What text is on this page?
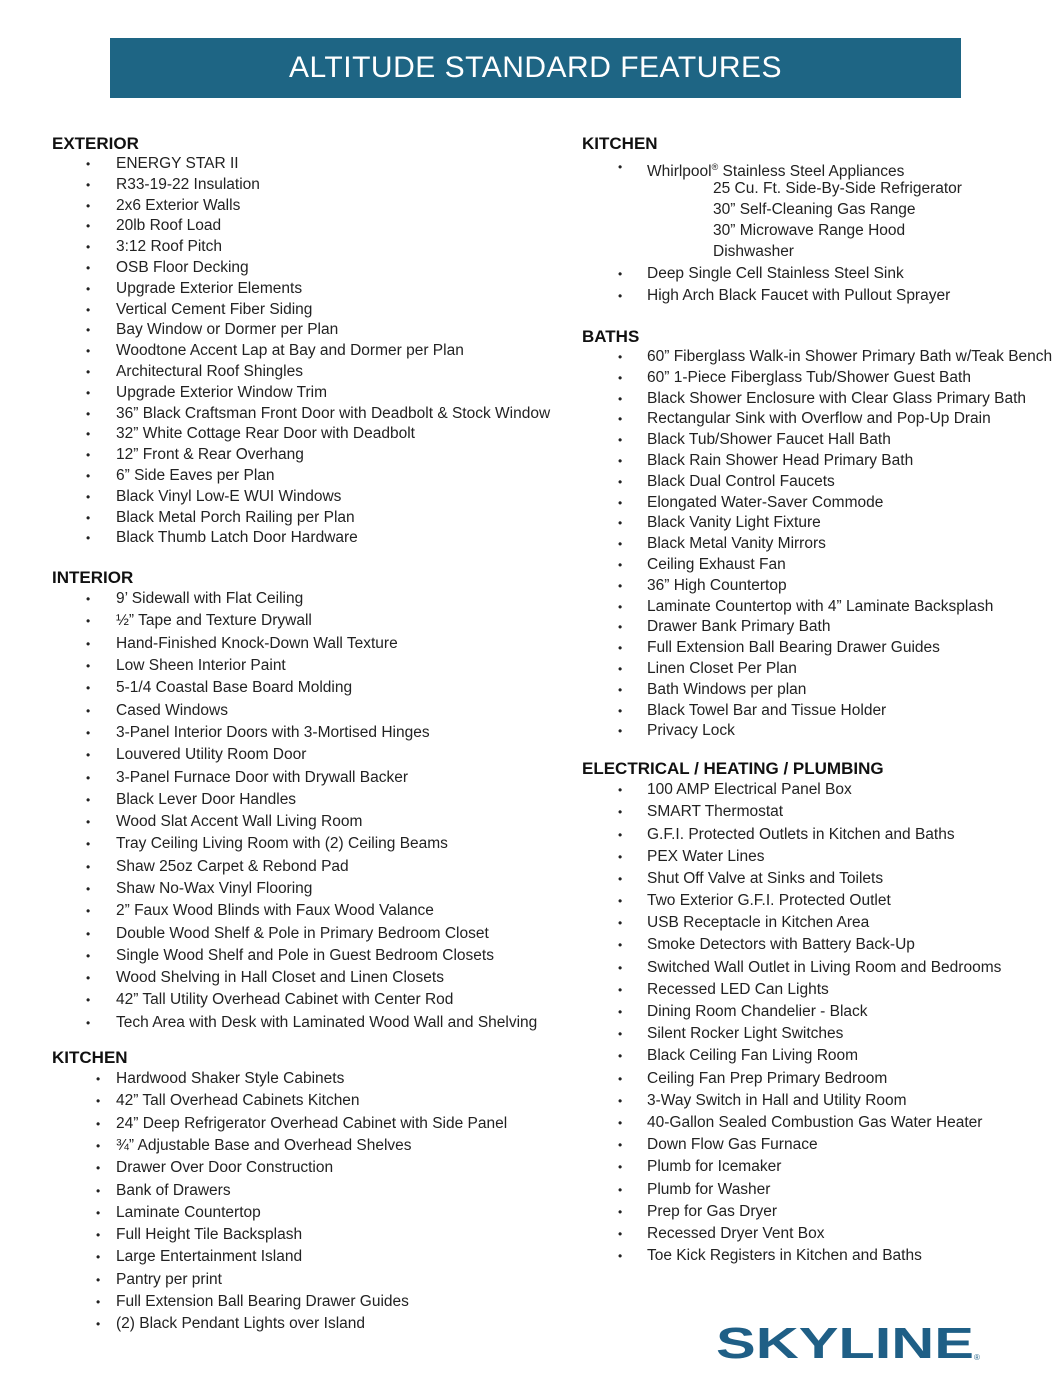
ALTITUDE STANDARD FEATURES
EXTERIOR
• ENERGY STAR II
• R33-19-22 Insulation
• 2x6 Exterior Walls
• 20lb Roof Load
• 3:12 Roof Pitch
• OSB Floor Decking
• Upgrade Exterior Elements
• Vertical Cement Fiber Siding
• Bay Window or Dormer per Plan
• Woodtone Accent Lap at Bay and Dormer per Plan
• Architectural Roof Shingles
• Upgrade Exterior Window Trim
• 36” Black Craftsman Front Door with Deadbolt & Stock Window
• 32” White Cottage Rear Door with Deadbolt
• 12” Front & Rear Overhang
• 6” Side Eaves per Plan
• Black Vinyl Low-E WUI Windows
• Black Metal Porch Railing per Plan
• Black Thumb Latch Door Hardware
INTERIOR
• 9’ Sidewall with Flat Ceiling
• ½” Tape and Texture Drywall
• Hand-Finished Knock-Down Wall Texture
• Low Sheen Interior Paint
• 5-1/4 Coastal Base Board Molding
• Cased Windows
• 3-Panel Interior Doors with 3-Mortised Hinges
• Louvered Utility Room Door
• 3-Panel Furnace Door with Drywall Backer
• Black Lever Door Handles
• Wood Slat Accent Wall Living Room
• Tray Ceiling Living Room with (2) Ceiling Beams
• Shaw 25oz Carpet & Rebond Pad
• Shaw No-Wax Vinyl Flooring
• 2” Faux Wood Blinds with Faux Wood Valance
• Double Wood Shelf & Pole in Primary Bedroom Closet
• Single Wood Shelf and Pole in Guest Bedroom Closets
• Wood Shelving in Hall Closet and Linen Closets
• 42” Tall Utility Overhead Cabinet with Center Rod
• Tech Area with Desk with Laminated Wood Wall and Shelving
KITCHEN
• Hardwood Shaker Style Cabinets
• 42” Tall Overhead Cabinets Kitchen
• 24” Deep Refrigerator Overhead Cabinet with Side Panel
• ¾” Adjustable Base and Overhead Shelves
• Drawer Over Door Construction
• Bank of Drawers
• Laminate Countertop
• Full Height Tile Backsplash
• Large Entertainment Island
• Pantry per print
• Full Extension Ball Bearing Drawer Guides
• (2) Black Pendant Lights over Island
KITCHEN
• Whirlpool® Stainless Steel Appliances
25 Cu. Ft. Side-By-Side Refrigerator
30” Self-Cleaning Gas Range
30” Microwave Range Hood
Dishwasher
• Deep Single Cell Stainless Steel Sink
• High Arch Black Faucet with Pullout Sprayer
BATHS
• 60” Fiberglass Walk-in Shower Primary Bath w/Teak Bench
• 60” 1-Piece Fiberglass Tub/Shower Guest Bath
• Black Shower Enclosure with Clear Glass Primary Bath
• Rectangular Sink with Overflow and Pop-Up Drain
• Black Tub/Shower Faucet Hall Bath
• Black Rain Shower Head Primary Bath
• Black Dual Control Faucets
• Elongated Water-Saver Commode
• Black Vanity Light Fixture
• Black Metal Vanity Mirrors
• Ceiling Exhaust Fan
• 36” High Countertop
• Laminate Countertop with 4” Laminate Backsplash
• Drawer Bank Primary Bath
• Full Extension Ball Bearing Drawer Guides
• Linen Closet Per Plan
• Bath Windows per plan
• Black Towel Bar and Tissue Holder
• Privacy Lock
ELECTRICAL / HEATING / PLUMBING
• 100 AMP Electrical Panel Box
• SMART Thermostat
• G.F.I. Protected Outlets in Kitchen and Baths
• PEX Water Lines
• Shut Off Valve at Sinks and Toilets
• Two Exterior G.F.I. Protected Outlet
• USB Receptacle in Kitchen Area
• Smoke Detectors with Battery Back-Up
• Switched Wall Outlet in Living Room and Bedrooms
• Recessed LED Can Lights
• Dining Room Chandelier - Black
• Silent Rocker Light Switches
• Black Ceiling Fan Living Room
• Ceiling Fan Prep Primary Bedroom
• 3-Way Switch in Hall and Utility Room
• 40-Gallon Sealed Combustion Gas Water Heater
• Down Flow Gas Furnace
• Plumb for Icemaker
• Plumb for Washer
• Prep for Gas Dryer
• Recessed Dryer Vent Box
• Toe Kick Registers in Kitchen and Baths
SKYLINE ®
